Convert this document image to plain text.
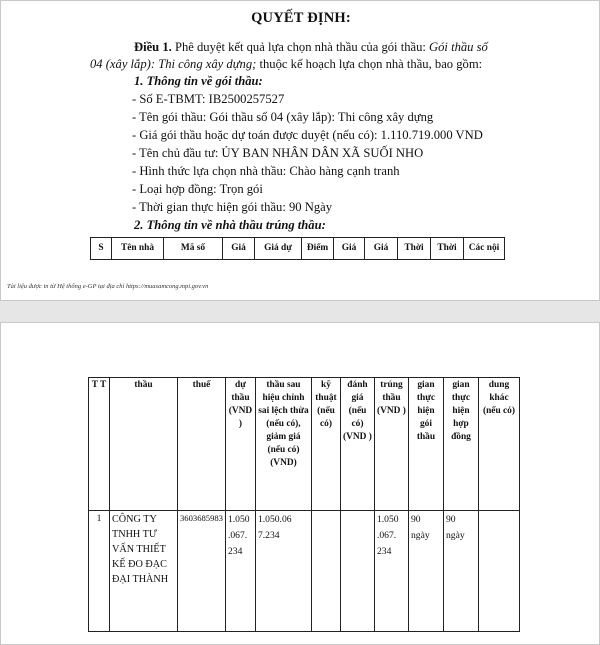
QUYẾT ĐỊNH:
Điều 1. Phê duyệt kết quả lựa chọn nhà thầu của gói thầu: Gói thầu số
04 (xây lắp): Thi công xây dựng; thuộc kế hoạch lựa chọn nhà thầu, bao gồm:
1. Thông tin về gói thầu:
- Số E-TBMT: IB2500257527
- Tên gói thầu: Gói thầu số 04 (xây lắp): Thi công xây dựng
- Giá gói thầu hoặc dự toán được duyệt (nếu có): 1.110.719.000 VND
- Tên chủ đầu tư: ỦY BAN NHÂN DÂN XÃ SUỐI NHO
- Hình thức lựa chọn nhà thầu: Chào hàng cạnh tranh
- Loại hợp đồng: Trọn gói
- Thời gian thực hiện gói thầu: 90 Ngày
2. Thông tin về nhà thầu trúng thầu:
S	Tên nhà	Mã số	Giá	Giá dự	Điểm	Giá	Giá	Thời	Thời	Các nội
Tài liệu được in từ Hệ thống e-GP tại địa chỉ https://muasamcong.mpi.gov.vn
T T	thầu	thuế	dự thầu (VND )	thầu sau hiệu chỉnh sai lệch thừa (nếu có), giảm giá (nếu có) (VND)	kỹ thuật (nếu có)	đánh giá (nếu có) (VND )	trúng thầu (VND )	gian thực hiện gói thầu	gian thực hiện hợp đồng	dung khác (nếu có)
1	CÔNG TY TNHH TƯ VẤN THIẾT KẾ ĐO ĐẠC ĐẠI THÀNH	3603685983	1.050 .067. 234	1.050.06 7.234			1.050 .067. 234	90 ngày	90 ngày	
